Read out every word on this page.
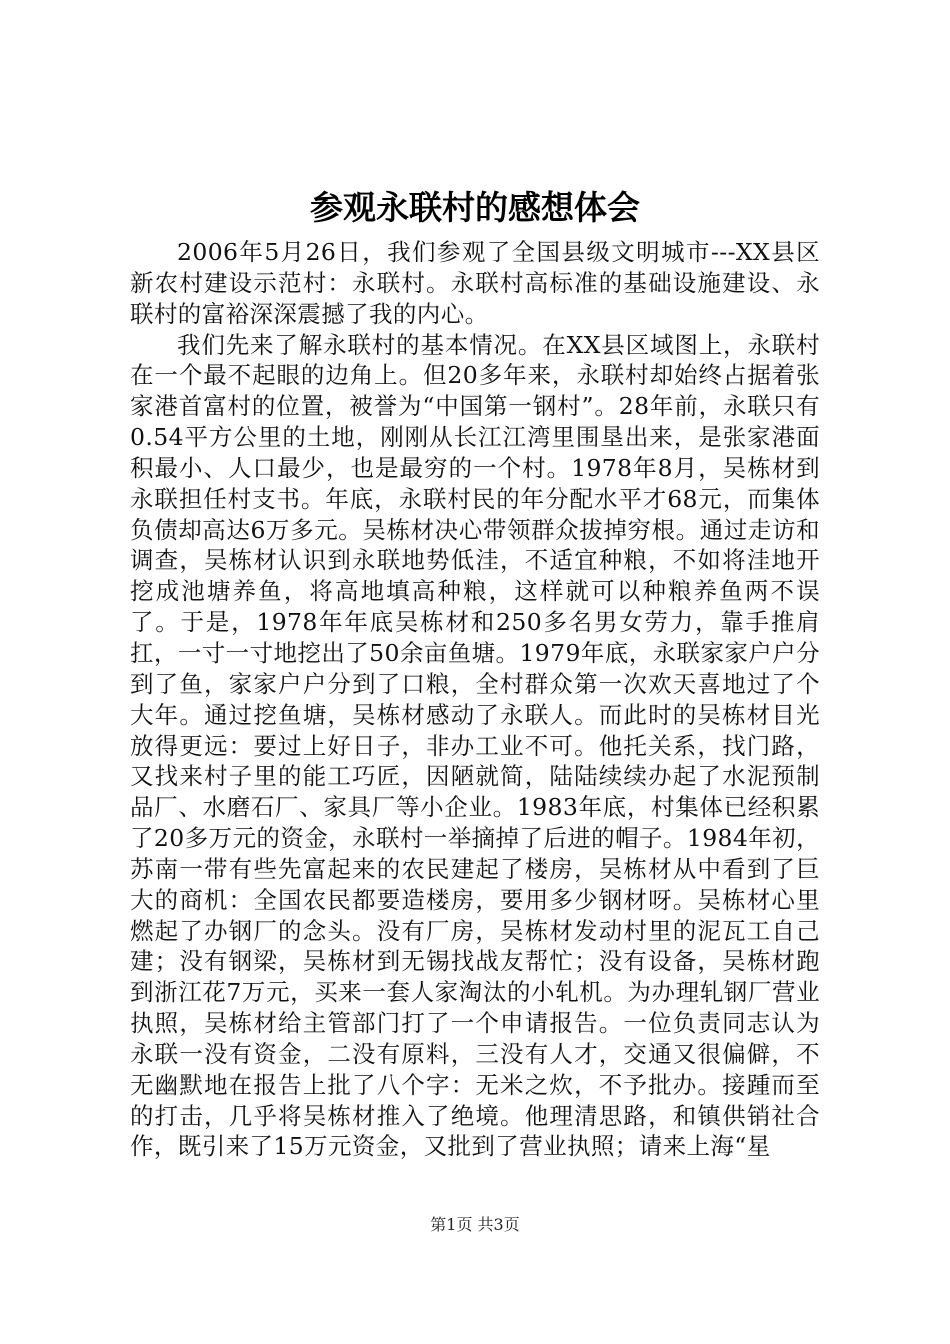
参观永联村的感想体会

2006年5月26日，我们参观了全国县级文明城市---XX县区新农村建设示范村：永联村。永联村高标准的基础设施建设、永联村的富裕深深震撼了我的内心。

我们先来了解永联村的基本情况。在XX县区域图上，永联村在一个最不起眼的边角上。但20多年来，永联村却始终占据着张家港首富村的位置，被誉为“中国第一钢村”。28年前，永联只有0.54平方公里的土地，刚刚从长江江湾里围垦出来，是张家港面积最小、人口最少，也是最穷的一个村。1978年8月，吴栋材到永联担任村支书。年底，永联村民的年分配水平才68元，而集体负债却高达6万多元。吴栋材决心带领群众拔掉穷根。通过走访和调查，吴栋材认识到永联地势低洼，不适宜种粮，不如将洼地开挖成池塘养鱼，将高地填高种粮，这样就可以种粮养鱼两不误了。于是，1978年年底吴栋材和250多名男女劳力，靠手推肩扛，一寸一寸地挖出了50余亩鱼塘。1979年底，永联家家户户分到了鱼，家家户户分到了口粮，全村群众第一次欢天喜地过了个大年。通过挖鱼塘，吴栋材感动了永联人。而此时的吴栋材目光放得更远：要过上好日子，非办工业不可。他托关系，找门路，又找来村子里的能工巧匠，因陋就简，陆陆续续办起了水泥预制品厂、水磨石厂、家具厂等小企业。1983年底，村集体已经积累了20多万元的资金，永联村一举摘掉了后进的帽子。1984年初，苏南一带有些先富起来的农民建起了楼房，吴栋材从中看到了巨大的商机：全国农民都要造楼房，要用多少钢材呀。吴栋材心里燃起了办钢厂的念头。没有厂房，吴栋材发动村里的泥瓦工自己建；没有钢梁，吴栋材到无锡找战友帮忙；没有设备，吴栋材跑到浙江花7万元，买来一套人家淘汰的小轧机。为办理轧钢厂营业执照，吴栋材给主管部门打了一个申请报告。一位负责同志认为永联一没有资金，二没有原料，三没有人才，交通又很偏僻，不无幽默地在报告上批了八个字：无米之炊，不予批办。接踵而至的打击，几乎将吴栋材推入了绝境。他理清思路，和镇供销社合作，既引来了15万元资金，又批到了营业执照；请来上海“星

第1页 共3页
